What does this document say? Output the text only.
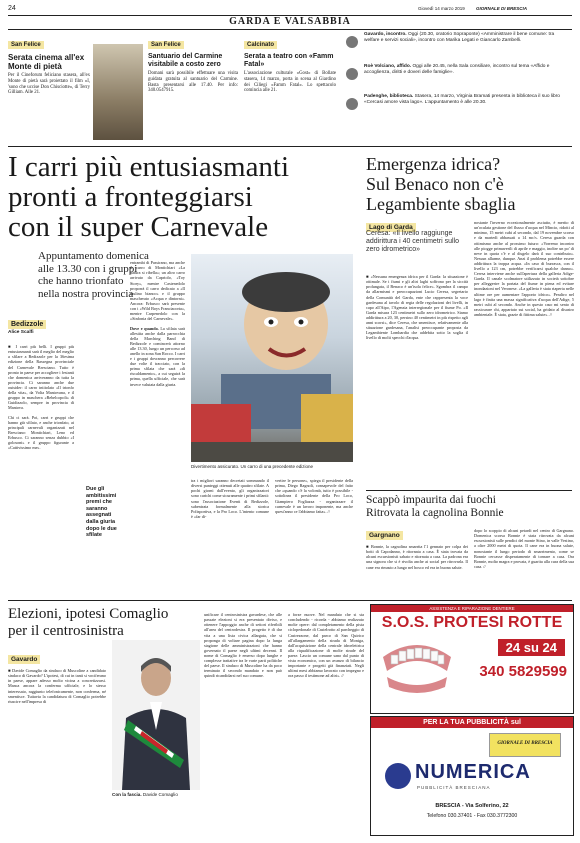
24	Giovedì 14 marzo 2019 GIORNALE DI BRESCIA
GARDA E VALSABBIA
San Felice
Serata cinema all'ex Monte di pietà
Per il Cineforum feliciano stasera, all'ex Monte di pietà sarà proiettato il film «I, 'sono che uccise Don Chisciotte», di Terry Gilliam. Alle 21.
San Felice
Santuario del Carmine visitabile a costo zero
Domani sarà possibile effettuare una visita guidata gratuita al santuario del Carmine. Basta presentarsi alle 17.40. Per info: 340.0547915.
Calcinato
Serata a teatro con «Famm Fatal»
L'associazione culturale «Gost» di Bollate stasera, 14 marzo, porta in scena al Giardino dei Ciliegi «Famm Fatal». Lo spettacolo comincia alle 21.
Gavardo, incontro. Oggi (20.30, oratorio Sopraponte) «Amministrare il bene comune: tra welfare e servizi sociali», incontro con Marika Legati e Giancarlo Zambelli.
Roè Volciano, affido. Oggi alle 20.45, nella Sala consiliare, incontro sul tema «Affido e accoglienza, diritti e doveri delle famiglie».
Padenghe, biblioteca. Stasera, 14 marzo, Virginia Bramati presenta in biblioteca il suo libro «Cercasi amore vista lago». L'appuntamento è alle 20.30.
I carri più entusiasmanti
pronti a fronteggiarsi
con il super Carnevale
Appuntamento domenica
alle 13.30 con i gruppi
che hanno trionfato
nella nostra provincia
Bedizzole
Alice Scalfi

■ I carri più belli. I gruppi più entusiasmanti sarà il meglio del meglio a sfilare a Bedizzole per la 36esima edizione della Rassegna provinciale del Carnevale Bresciano. Tutto è pronto in paese per accogliere i festanti che domenica arriveranno da tutta la provincia. Ci saranno anche due outsider: il carro intitolato «Il trionfo della vita», da Volta Mantovana, e il gruppo in maschera «Rebelcopoli» di Guidizzolo, sempre in provincia di Mantova.

Chi ci sarà. Poi, carri e gruppi che hanno già sfilato, e anche trionfato, ai principali carnevali organizzati nel Bresciano: Montichiari, Leno ed Erbusco. Ci saranno senza dubbio «I golosoni» e il gruppo figurante a «Cattivissimo me».

Due gli ambitissimi premi che saranno assegnati dalla giuria dopo le due sfilate

entrambi di Passirano, ma anche il carro di Montichiari «La natura si ribella»; un altro carro arrivato da Capriolo, «Toy Story», mentre Castenedolo proporrà il carro dedicato a «Il mulino bianco» e il gruppo mascherato «Acqua e dintorni». Ancora: Erbusco sarà presente con i «Wild Boys Franciacorta», mentre Carpenedolo con la «Sinfonia del Carnevale».

Dove e quando. La sfilata sarà allestita anche dalla parrocchia della Marching Band di Bedizzole e comincerà attorno alle 13.30, lungo un percorso ad anello in zona San Rocco. I carri e i gruppi dovranno percorrere due volte il tracciato, con la prima sfilata che sarà «di riscaldamento», a cui seguirà la prima, quella ufficiale, che sarà invece valutata dalla giuria.

Divertimento assicurato. Un carro di una precedente edizione

tra i migliori saranno decretati sommando il diversi punteggi ottenuti alle quattro sfilate. A pochi giorni dall'evento, gli organizzatori sono carichi come sicuramente i primi sfilanti: sono l'associazione Eventi di Bedizzole, subentrata formalmente alla storica Polisportiva, e la Pro Loco. L'intento comune è «far di-

vertire le persone», spiega il presidente della prima, Diego Ragnoli, consapevole del fatto che «quando c'è la volontà, tutto è possibile - sottolinea il presidente della Pro Loco, Giampiero Fogliazza - organizzare il carnevale è un lavoro imponente, ma anche quest'anno ce l'abbiamo fatta». //

Emergenza idrica?
Sul Benaco non c'è
Legambiente sbaglia
Lago di Garda
Ceresa: «Il livello raggiunge addirittura i 40 centimetri sullo zero idrometrico»

■ «Nessuna emergenza idrica per il Garda: la situazione è ottimale. Se i fiumi e gli altri laghi soffrono per la siccità prolungata, il Benaco è un'isola felice». Sgombra il campo da allarmismi e preoccupazioni Lucio Ceresa, segretario della Comunità del Garda, ente che rappresenta la voce gardesana al tavolo di regia delle regolazioni dei livelli, in capo all'Aipo, l'Agenzia interregionale per il fiume Po. «Il Garda misura 123 centimetri sullo zero idrometrico. Siamo addirittura a 20, 30, persino 40 centimetri in più rispetto agli anni scorsi», dice Ceresa, che smentisce, relativamente alla situazione gardesana, l'analisi preoccupante proposta da Legambiente Lombardia che addebita sotto la soglia il livello di molti specchi d'acqua.

nostante l'inverno eccezionalmente asciutto, è merito di un'oculata gestione del flusso d'acqua nel Mincio, ridotti al minimo, 15 metri cubi al secondo, dal 19 novembre scorso e da martedì abbassati a 14 mc/s. Ceresa guarda con ottimismo anche al prossimo futuro: «Vorremo incontro alle piogge primaverili di aprile e maggio, inoltre un po' di neve in quota c'è e al disgelo darà il suo contributo». Nessun allarme, dunque. Anzi il problema potrebbe essere addirittura la troppa acqua. «In caso di burrasca, con il livello a 123 cm, potrebbe verificarsi qualche danno». Ceresa interviene anche sull'apertura della galleria Adige-Garda. Il canale scolmatore utilizzato in società sottobre per alleggerire la portata del fiume in piena ed evitare inondazioni nel Veronese. «La galleria è stata riaperta nelle ultime ore per aumentare l'apporto idrico». Peraltro nel lago è finita una massa significativa d'acqua dell'Adige, 5 metri cubi al secondo. Anche in questo caso mi sento di rassicurare chi, appartato sui social, ha gridato al disastro ambientale. È stata, grazie di fittima salute». //

Scappò impaurita dai fuochi
Ritrovata la cagnolina Bonnie
Gargnano

■ Bonnie, la cagnolina smarrita l'1 gennaio per colpa dei botti di Capodanno, è ritornata a casa. È stata trovata da alcuni escursionisti sabato e ritornata a casa. La padrona era una signora che si è rivolta anche ai social per ritrovarla. Il cane era rimasto a lungo nel bosco ed era in buona salute.

dopo lo scoppio di alcuni petardi nel centro di Gargnano. Domenica scorsa Bonnie è stata ritrovata da alcuni escursionisti sulle pendici del monte Stino, in valle Vestino, a oltre 2000 metri di quota. Il cane era in buona salute, nonostante il lungo periodo di smarrimento, come se Bonnie cercasse disperatamente di tornare a casa. Ora Bonnie, molto magra e provata, è guarita alla cura della sua casa. //

Elezioni, ipotesi Comaglio
per il centrosinistra
Gavardo

■ Davide Comaglio da sindaco di Muscoline a candidato sindaco di Gavardo? L'ipotesi, di cui in tanti si vociferano in paese, appare adesso molto vicina a concretizzarsi. Manca ancora la conferma ufficiale, e lo stesso interessato, raggiunto telefonicamente, non conferma, né smentisce. Tuttavia la candidatura di Comaglio potrebbe riuscire nell'impresa di

Con la fascia. Davide Comaglio

unificare il centrosinistra gavardese, che alle passate elezioni si era presentato diviso, e ottenere l'appoggio anche di settori riferibili all'area del centrodestra. Il progetto è di dar vita a una lista civica allargata, che si proponga di voltare pagina dopo la lunga stagione delle amministrazioni che hanno governato il paese negli ultimi decenni. Il nome di Comaglio è emerso dopo lunghe e complesse trattative tra le varie parti politiche del paese. Il sindaco di Muscoline ha da poco terminato il secondo mandato e non può quindi ricandidarsi nel suo comune.

a forze nuove. Nel mandato che si sta concludendo - ricorda - abbiamo realizzato molte opere: dal completamento della pista ciclopedonale di Castelrotto al parcheggio di Castrezzone, dal parco di San Quirico all'allargamento della strada di Moniga, dall'acquisizione della centrale idroelettrica alla riqualificazione di molte strade del paese. Lascio un comune sano dal punto di vista economico, con un avanzo di bilancio importante e progetti già finanziati. Negli ultimi mesi abbiamo lavorato con impegno e ora passo il testimone ad altri». //

ASSISTENZA E RIPARAZIONE DENTIERE
S.O.S. PROTESI ROTTE
24 su 24
340 5829599
PER LA TUA PUBBLICITÀ sul
GIORNALE DI BRESCIA
NUMERICA
PUBBLICITÀ BRESCIANA
BRESCIA - Via Solferino, 22
Telefono 030.37401 - Fax 030.3772300
